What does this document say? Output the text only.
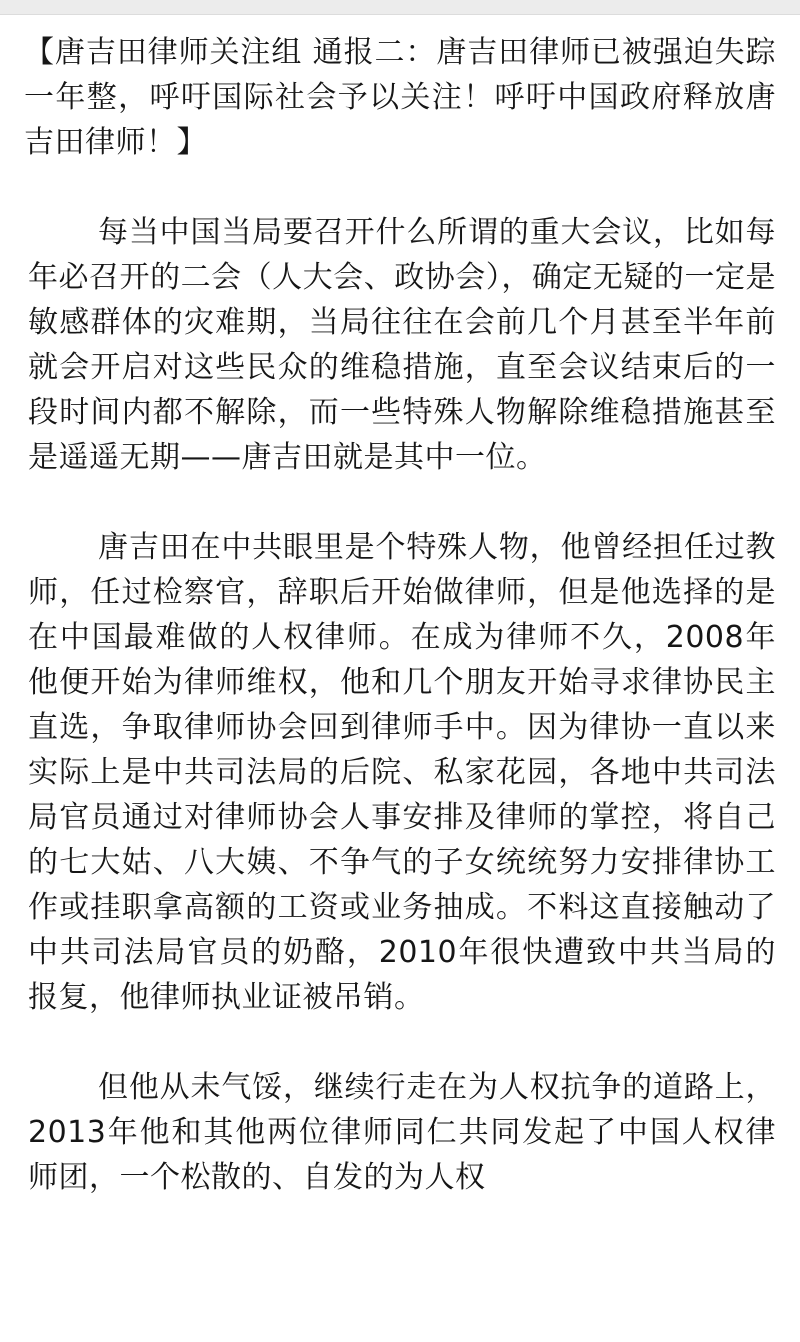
【唐吉田律师关注组 通报二：唐吉田律师已被强迫失踪一年整，呼吁国际社会予以关注！呼吁中国政府释放唐吉田律师！】

每当中国当局要召开什么所谓的重大会议，比如每年必召开的二会（人大会、政协会），确定无疑的一定是敏感群体的灾难期，当局往往在会前几个月甚至半年前就会开启对这些民众的维稳措施，直至会议结束后的一段时间内都不解除，而一些特殊人物解除维稳措施甚至是遥遥无期——唐吉田就是其中一位。

唐吉田在中共眼里是个特殊人物，他曾经担任过教师，任过检察官，辞职后开始做律师，但是他选择的是在中国最难做的人权律师。在成为律师不久，2008年他便开始为律师维权，他和几个朋友开始寻求律协民主直选，争取律师协会回到律师手中。因为律协一直以来实际上是中共司法局的后院、私家花园，各地中共司法局官员通过对律师协会人事安排及律师的掌控，将自己的七大姑、八大姨、不争气的子女统统努力安排律协工作或挂职拿高额的工资或业务抽成。不料这直接触动了中共司法局官员的奶酪，2010年很快遭致中共当局的报复，他律师执业证被吊销。

但他从未气馁，继续行走在为人权抗争的道路上，2013年他和其他两位律师同仁共同发起了中国人权律师团，一个松散的、自发的为人权
